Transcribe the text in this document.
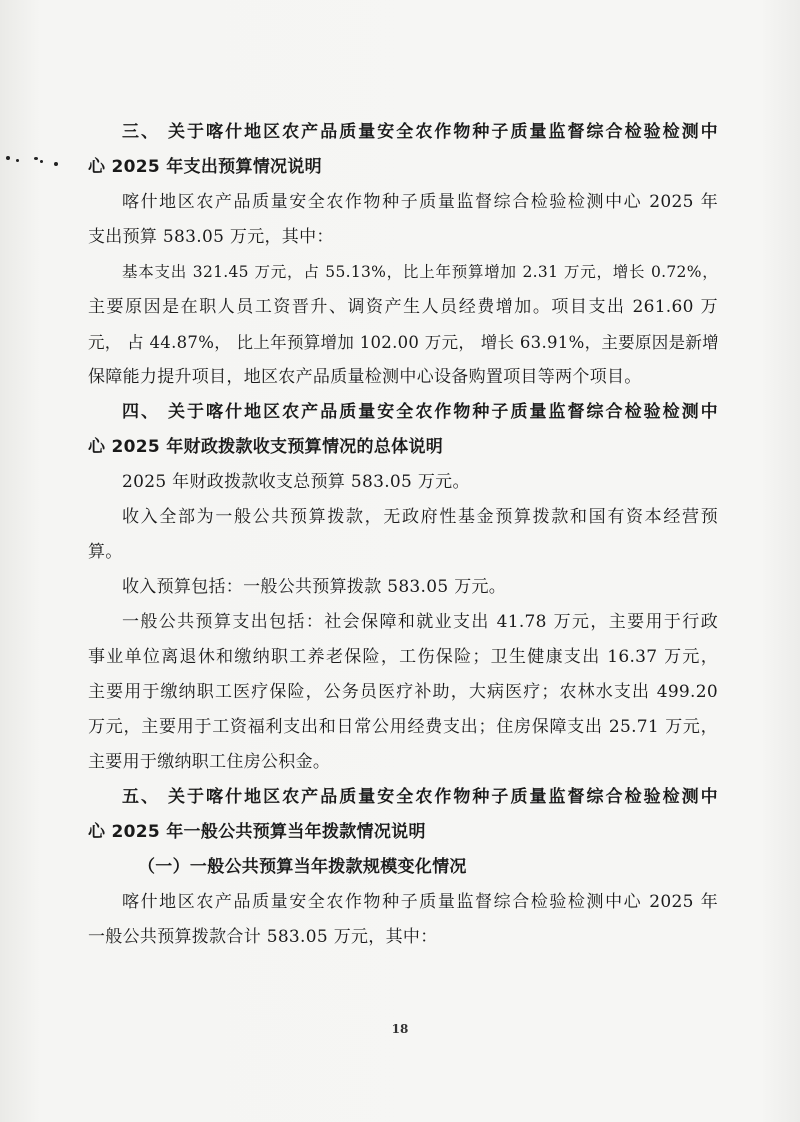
三、 关于喀什地区农产品质量安全农作物种子质量监督综合检验检测中
心 2025 年支出预算情况说明
喀什地区农产品质量安全农作物种子质量监督综合检验检测中心 2025 年
支出预算 583.05 万元，其中：
基本支出 321.45 万元，占 55.13%，比上年预算增加 2.31 万元，增长 0.72%，
主要原因是在职人员工资晋升、调资产生人员经费增加。项目支出 261.60 万
元， 占 44.87%， 比上年预算增加 102.00 万元， 增长 63.91%，主要原因是新增
保障能力提升项目，地区农产品质量检测中心设备购置项目等两个项目。
四、 关于喀什地区农产品质量安全农作物种子质量监督综合检验检测中
心 2025 年财政拨款收支预算情况的总体说明
2025 年财政拨款收支总预算 583.05 万元。
收入全部为一般公共预算拨款，无政府性基金预算拨款和国有资本经营预
算。
收入预算包括：一般公共预算拨款 583.05 万元。
一般公共预算支出包括：社会保障和就业支出 41.78 万元，主要用于行政
事业单位离退休和缴纳职工养老保险，工伤保险；卫生健康支出 16.37 万元，
主要用于缴纳职工医疗保险，公务员医疗补助，大病医疗；农林水支出 499.20
万元，主要用于工资福利支出和日常公用经费支出；住房保障支出 25.71 万元，
主要用于缴纳职工住房公积金。
五、 关于喀什地区农产品质量安全农作物种子质量监督综合检验检测中
心 2025 年一般公共预算当年拨款情况说明
（一）一般公共预算当年拨款规模变化情况
喀什地区农产品质量安全农作物种子质量监督综合检验检测中心 2025 年
一般公共预算拨款合计 583.05 万元，其中：
18
